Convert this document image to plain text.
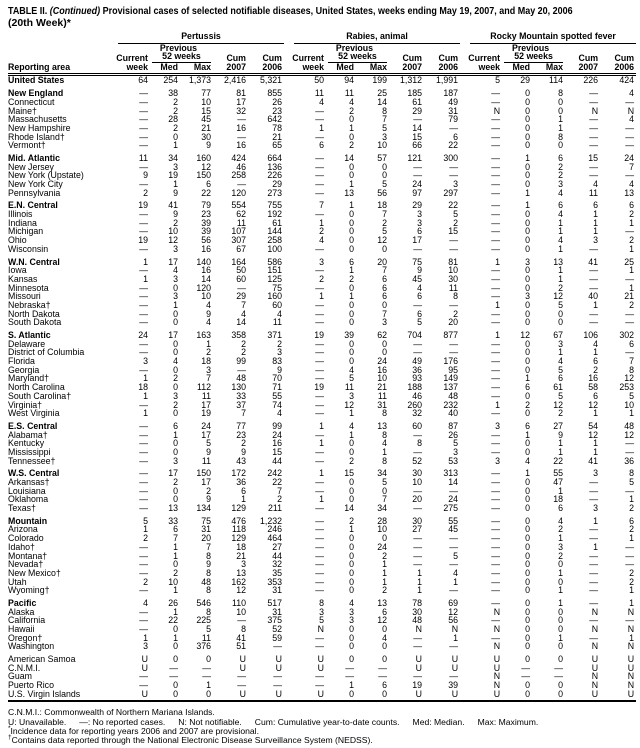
TABLE II. (Continued) Provisional cases of selected notifiable diseases, United States, weeks ending May 19, 2007, and May 20, 2006
(20th Week)*

	Pertussis					Rabies, animal					Rocky Mountain spotted fever				

		Previous					Previous					Previous			
	Current	52 weeks		Cum	Cum	Current	52 weeks		Cum	Cum	Current	52 weeks		Cum	Cum
Reporting area	week	Med	Max	2007	2006	week	Med	Max	2007	2006	week	Med	Max	2007	2006
United States	64	254	1,373	2,416	5,321	50	94	199	1,312	1,991	5	29	114	226	424
New England	—	38	77	81	855	11	11	25	185	187	—	0	8	—	4
Connecticut	—	2	10	17	26	4	4	14	61	49	—	0	0	—	—
Maine†	—	2	15	32	23	—	2	8	29	31	N	0	0	N	N
Massachusetts	—	28	45	—	642	—	0	7	—	79	—	0	1	—	4
New Hampshire	—	2	21	16	78	1	1	5	14	—	—	0	1	—	—
Rhode Island†	—	0	30	—	21	—	0	3	15	6	—	0	8	—	—
Vermont†	—	1	9	16	65	6	2	10	66	22	—	0	0	—	—
Mid. Atlantic	11	34	160	424	664	—	14	57	121	300	—	1	6	15	24
New Jersey	—	3	12	46	136	—	0	0	—	—	—	0	2	—	7
New York (Upstate)	9	19	150	258	226	—	0	0	—	—	—	0	2	—	—
New York City	—	1	6	—	29	—	1	5	24	3	—	0	3	4	4
Pennsylvania	2	9	22	120	273	—	13	56	97	297	—	1	4	11	13
E.N. Central	19	41	79	554	755	7	1	18	29	22	—	1	6	6	6
Illinois	—	9	23	62	192	—	0	7	3	5	—	0	4	1	2
Indiana	—	2	39	11	61	1	0	2	3	2	—	0	1	1	1
Michigan	—	10	39	107	144	2	0	5	6	15	—	0	1	1	—
Ohio	19	12	56	307	258	4	0	12	17	—	—	0	4	3	2
Wisconsin	—	3	16	67	100	—	0	0	—	—	—	0	1	—	1
W.N. Central	1	17	140	164	586	3	6	20	75	81	1	3	13	41	25
Iowa	—	4	16	50	151	—	1	7	9	10	—	0	1	—	1
Kansas	1	3	14	60	125	2	2	6	45	30	—	0	1	—	—
Minnesota	—	0	120	—	75	—	0	6	4	11	—	0	2	—	1
Missouri	—	3	10	29	160	1	1	6	6	8	—	3	12	40	21
Nebraska†	—	1	4	7	60	—	0	0	—	—	1	0	5	1	2
North Dakota	—	0	9	4	4	—	0	7	6	2	—	0	0	—	—
South Dakota	—	0	4	14	11	—	0	3	5	20	—	0	0	—	—
S. Atlantic	24	17	163	358	371	19	39	62	704	877	1	12	67	106	302
Delaware	—	0	1	2	2	—	0	0	—	—	—	0	3	4	6
District of Columbia	—	0	2	2	3	—	0	0	—	—	—	0	1	1	—
Florida	3	4	18	99	83	—	0	24	49	176	—	0	4	6	7
Georgia	—	0	3	—	9	—	4	16	36	95	—	0	5	2	8
Maryland†	1	2	7	48	70	—	5	10	93	149	—	1	6	16	12
North Carolina	18	0	112	130	71	19	11	21	188	137	—	6	61	58	253
South Carolina†	1	3	11	33	55	—	3	11	46	48	—	0	5	6	5
Virginia†	—	2	17	37	74	—	12	31	260	232	1	2	12	12	10
West Virginia	1	0	19	7	4	—	1	8	32	40	—	0	2	1	1
E.S. Central	—	6	24	77	99	1	4	13	60	87	3	6	27	54	48
Alabama†	—	1	17	23	24	—	1	8	—	26	—	1	9	12	12
Kentucky	—	0	5	2	16	1	0	4	8	5	—	0	1	1	—
Mississippi	—	0	9	9	15	—	0	1	—	3	—	0	1	1	—
Tennessee†	—	3	11	43	44	—	2	8	52	53	3	4	22	41	36
W.S. Central	—	17	150	172	242	1	15	34	30	313	—	1	55	3	8
Arkansas†	—	2	17	36	22	—	0	5	10	14	—	0	47	—	5
Louisiana	—	0	2	6	7	—	0	0	—	—	—	0	1	—	—
Oklahoma	—	0	9	1	2	1	0	7	20	24	—	0	18	—	1
Texas†	—	13	134	129	211	—	14	34	—	275	—	0	6	3	2
Mountain	5	33	75	476	1,232	—	2	28	30	55	—	0	4	1	6
Arizona	1	6	31	118	246	—	1	10	27	45	—	0	2	—	2
Colorado	2	7	20	129	464	—	0	0	—	—	—	0	1	—	1
Idaho†	—	1	7	18	27	—	0	24	—	—	—	0	3	1	—
Montana†	—	1	8	21	44	—	0	2	—	5	—	0	2	—	—
Nevada†	—	0	9	3	32	—	0	1	—	—	—	0	0	—	—
New Mexico†	—	2	8	13	35	—	0	1	1	4	—	0	1	—	2
Utah	2	10	48	162	353	—	0	1	1	1	—	0	0	—	2
Wyoming†	—	1	8	12	31	—	0	2	1	—	—	0	1	—	1
Pacific	4	26	546	110	517	8	4	13	78	69	—	0	1	—	1
Alaska	—	1	8	10	31	3	3	6	30	12	N	0	0	N	N
California	—	22	225	—	375	5	3	12	48	56	—	0	0	—	—
Hawaii	—	0	5	8	52	N	0	0	N	N	N	0	0	N	N
Oregon†	1	1	11	41	59	—	0	4	—	1	—	0	1	—	1
Washington	3	0	376	51	—	—	0	0	—	—	N	0	0	N	N
American Samoa	U	0	0	U	U	U	0	0	U	U	U	0	0	U	U
C.N.M.I.	U	—	—	U	U	U	—	—	U	U	U	—	—	U	U
Guam	—	—	—	—	—	—	—	—	—	—	N	—	—	N	N
Puerto Rico	—	0	1	—	—	—	1	6	19	39	N	0	0	N	N
U.S. Virgin Islands	U	0	0	U	U	U	0	0	U	U	U	0	0	U	U
C.N.M.I.: Commonwealth of Northern Mariana Islands.
U: Unavailable. —: No reported cases. N: Not notifiable. Cum: Cumulative year-to-date counts. Med: Median. Max: Maximum.
*Incidence data for reporting years 2006 and 2007 are provisional.
†Contains data reported through the National Electronic Disease Surveillance System (NEDSS).
